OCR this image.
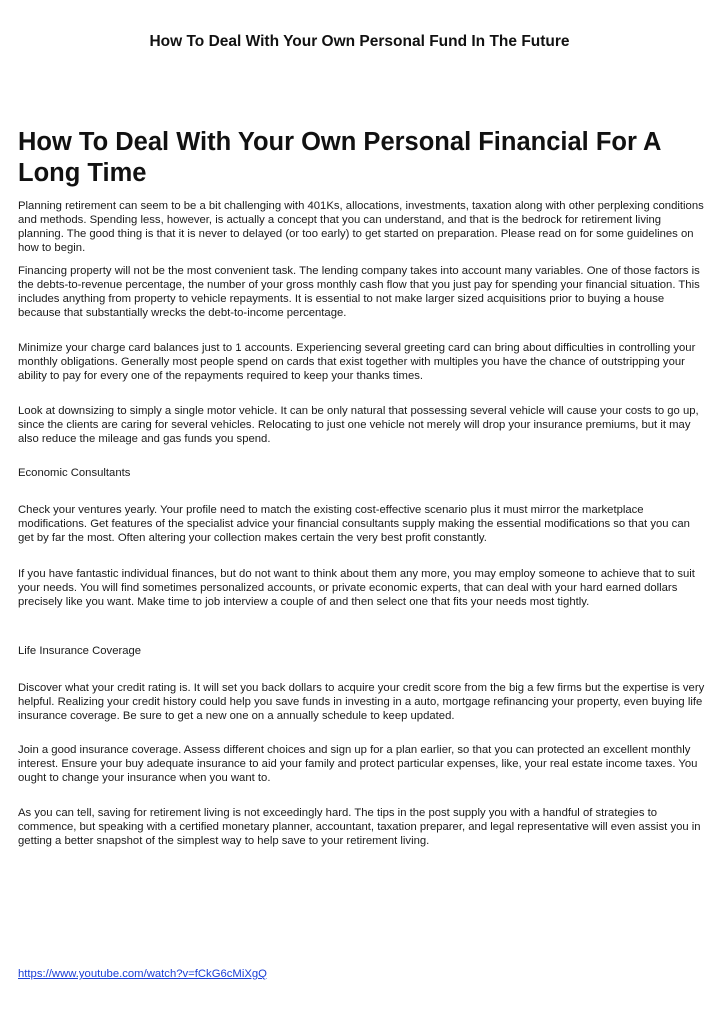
How To Deal With Your Own Personal Fund In The Future
How To Deal With Your Own Personal Financial For A Long Time

Planning retirement can seem to be a bit challenging with 401Ks, allocations, investments, taxation along with other perplexing conditions and methods. Spending less, however, is actually a concept that you can understand, and that is the bedrock for retirement living planning. The good thing is that it is never to delayed (or too early) to get started on preparation. Please read on for some guidelines on how to begin.

Financing property will not be the most convenient task. The lending company takes into account many variables. One of those factors is the debts-to-revenue percentage, the number of your gross monthly cash flow that you just pay for spending your financial situation. This includes anything from property to vehicle repayments. It is essential to not make larger sized acquisitions prior to buying a house because that substantially wrecks the debt-to-income percentage.

Minimize your charge card balances just to 1 accounts. Experiencing several greeting card can bring about difficulties in controlling your monthly obligations. Generally most people spend on cards that exist together with multiples you have the chance of outstripping your ability to pay for every one of the repayments required to keep your thanks times.

Look at downsizing to simply a single motor vehicle. It can be only natural that possessing several vehicle will cause your costs to go up, since the clients are caring for several vehicles. Relocating to just one vehicle not merely will drop your insurance premiums, but it may also reduce the mileage and gas funds you spend.

Economic Consultants

Check your ventures yearly. Your profile need to match the existing cost-effective scenario plus it must mirror the marketplace modifications. Get features of the specialist advice your financial consultants supply making the essential modifications so that you can get by far the most. Often altering your collection makes certain the very best profit constantly.

If you have fantastic individual finances, but do not want to think about them any more, you may employ someone to achieve that to suit your needs. You will find sometimes personalized accounts, or private economic experts, that can deal with your hard earned dollars precisely like you want. Make time to job interview a couple of and then select one that fits your needs most tightly.

Life Insurance Coverage

Discover what your credit rating is. It will set you back dollars to acquire your credit score from the big a few firms but the expertise is very helpful. Realizing your credit history could help you save funds in investing in a auto, mortgage refinancing your property, even buying life insurance coverage. Be sure to get a new one on a annually schedule to keep updated.

Join a good insurance coverage. Assess different choices and sign up for a plan earlier, so that you can protected an excellent monthly interest. Ensure your buy adequate insurance to aid your family and protect particular expenses, like, your real estate income taxes. You ought to change your insurance when you want to.

As you can tell, saving for retirement living is not exceedingly hard. The tips in the post supply you with a handful of strategies to commence, but speaking with a certified monetary planner, accountant, taxation preparer, and legal representative will even assist you in getting a better snapshot of the simplest way to help save to your retirement living.

https://www.youtube.com/watch?v=fCkG6cMiXgQ
